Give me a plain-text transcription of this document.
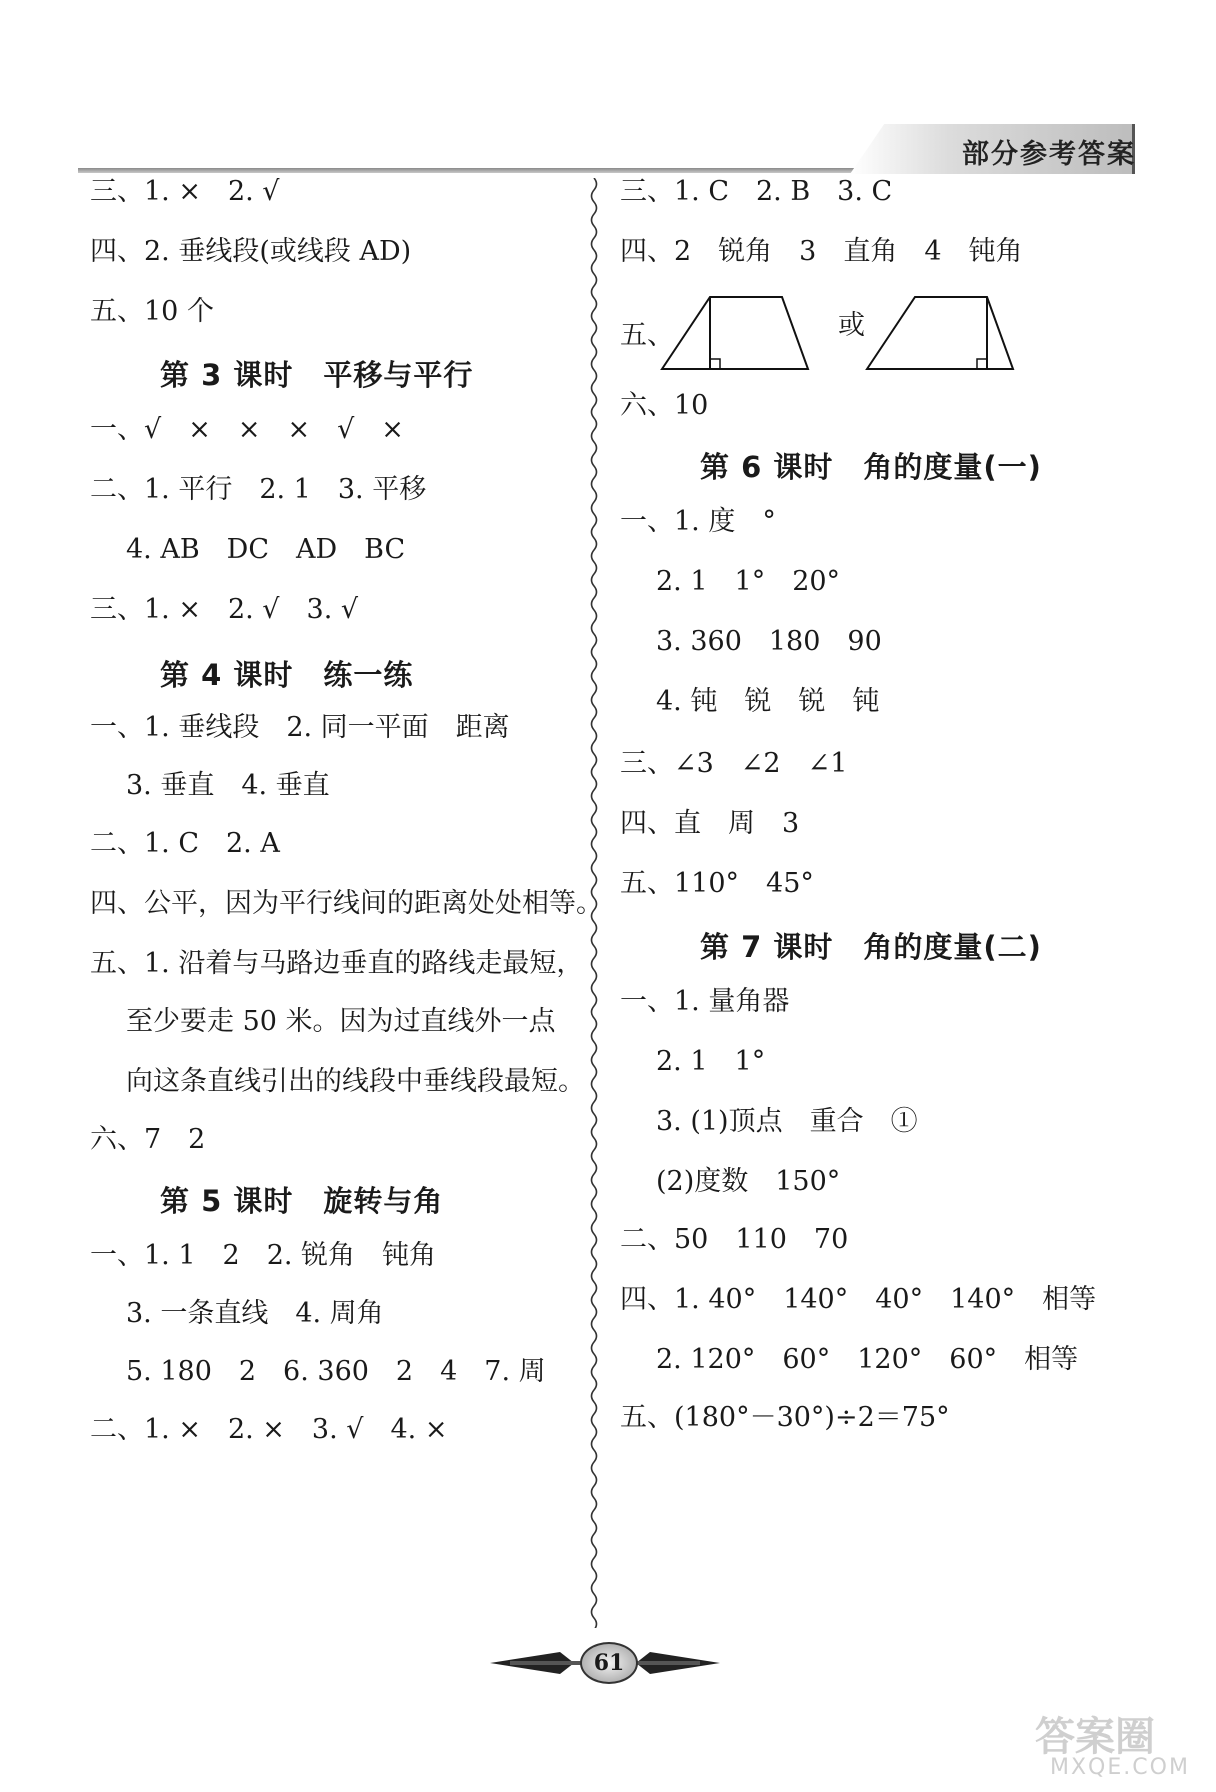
部分参考答案
三、1. ×　2. √
四、2. 垂线段(或线段 AD)
五、10 个
第 3 课时　平移与平行
一、√　×　×　×　√　×
二、1. 平行　2. 1　3. 平移
4. AB　DC　AD　BC
三、1. ×　2. √　3. √
第 4 课时　练一练
一、1. 垂线段　2. 同一平面　距离
3. 垂直　4. 垂直
二、1. C　2. A
四、公平，因为平行线间的距离处处相等。
五、1. 沿着与马路边垂直的路线走最短，
至少要走 50 米。因为过直线外一点
向这条直线引出的线段中垂线段最短。
六、7　2
第 5 课时　旋转与角
一、1. 1　2　2. 锐角　钝角
3. 一条直线　4. 周角
5. 180　2　6. 360　2　4　7. 周
二、1. ×　2. ×　3. √　4. ×
三、1. C　2. B　3. C
四、2　锐角　3　直角　4　钝角
五、	或
六、10
第 6 课时　角的度量(一)
一、1. 度　°
2. 1　1°　20°
3. 360　180　90
4. 钝　锐　锐　钝
三、∠3　∠2　∠1
四、直　周　3
五、110°　45°
第 7 课时　角的度量(二)
一、1. 量角器
2. 1　1°
3. (1)顶点　重合　①
(2)度数　150°
二、50　110　70
四、1. 40°　140°　40°　140°　相等
2. 120°　60°　120°　60°　相等
五、(180°－30°)÷2＝75°
61
答案圈
MXQE.COM
